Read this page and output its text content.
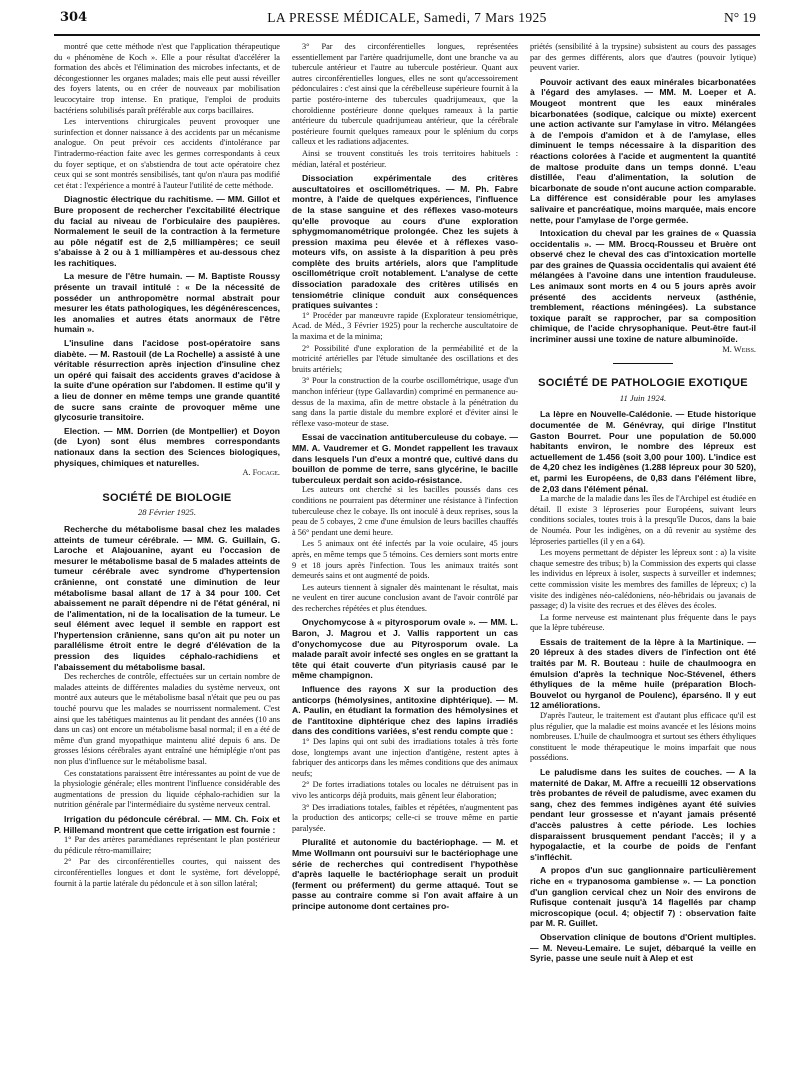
304	LA PRESSE MÉDICALE, Samedi, 7 Mars 1925	N° 19

montré que cette méthode n'est que l'application thérapeutique du « phénomène de Koch ». Elle a pour résultat d'accélérer la formation des abcès et l'élimination des microbes infectants, et de décongestionner les organes malades; mais elle peut aussi réveiller des foyers latents, ou en créer de nouveaux par mobilisation leucocytaire trop intense. En pratique, l'emploi de produits bactériens solubilisés paraît préférable aux corps bacillaires.

Les interventions chirurgicales peuvent provoquer une surinfection et donner naissance à des accidents par un mécanisme analogue. On peut prévoir ces accidents d'intolérance par l'intradermo-réaction faite avec les germes correspondants à ceux du foyer septique, et on s'abstiendra de tout acte opératoire chez ceux qui se sont montrés sensibilisés, tant qu'on n'aura pas modifié cet état : l'expérience a montré à l'auteur l'utilité de cette méthode.

Diagnostic électrique du rachitisme. — MM. Gillot et Bure proposent de rechercher l'excitabilité électrique du facial au niveau de l'orbiculaire des paupières. Normalement le seuil de la contraction à la fermeture au pôle négatif est de 2,5 milliampères; ce seuil s'abaisse à 2 ou à 1 milliampères et au-dessous chez les rachitiques.
La mesure de l'être humain. — M. Baptiste Roussy présente un travail intitulé : « De la nécessité de posséder un anthropomètre normal abstrait pour mesurer les états pathologiques, les dégénérescences, les anomalies et autres états anormaux de l'être humain ».
L'insuline dans l'acidose post-opératoire sans diabète. — M. Rastouil (de La Rochelle) a assisté à une véritable résurrection après injection d'insuline chez un opéré qui faisait des accidents graves d'acidose à la suite d'une opération sur l'abdomen. Il estime qu'il y a lieu de donner en même temps une grande quantité de sucre sans crainte de provoquer même une glycosurie transitoire.
Election. — MM. Dorrien (de Montpellier) et Doyon (de Lyon) sont élus membres correspondants nationaux dans la section des Sciences biologiques, physiques, chimiques et naturelles.

A. Focage.

SOCIÉTÉ DE BIOLOGIE
28 Février 1925.
Recherche du métabolisme basal chez les malades atteints de tumeur cérébrale. — MM. G. Guillain, G. Laroche et Alajouanine, ayant eu l'occasion de mesurer le métabolisme basal de 5 malades atteints de tumeur cérébrale avec syndrome d'hypertension crânienne, ont constaté une diminution de leur métabolisme basal allant de 17 à 34 pour 100. Cet abaissement ne paraît dépendre ni de l'état général, ni de l'alimentation, ni de la localisation de la tumeur. Le seul élément avec lequel il semble en rapport est l'hypertension crânienne, sans qu'on ait pu noter un parallélisme étroit entre le degré d'élévation de la pression des liquides céphalo-rachidiens et l'abaissement du métabolisme basal.

Des recherches de contrôle, effectuées sur un certain nombre de malades atteints de différentes maladies du système nerveux, ont montré aux auteurs que le métabolisme basal n'était que peu ou pas touché pourvu que les malades se nourrissent normalement. C'est ainsi que les tabétiques maintenus au lit pendant des années (10 ans dans un cas) ont encore un métabolisme basal normal; il en a été de même d'un grand myopathique maintenu alité depuis 6 ans. De grosses lésions cérébrales ayant entraîné une hémiplégie n'ont pas non plus d'influence sur le métabolisme basal.

Ces constatations paraissent être intéressantes au point de vue de la physiologie générale; elles montrent l'influence considérable des augmentations de pression du liquide céphalo-rachidien sur la nutrition générale par l'intermédiaire du système nerveux central.

Irrigation du pédoncule cérébral. — MM. Ch. Foix et P. Hillemand montrent que cette irrigation est fournie :

1° Par des artères paramédianes représentant le plan postérieur du pédicule rétro-mamillaire;

2° Par des circonférentielles courtes, qui naissent des circonférentielles longues et dont le système, fort développé, fournit à la partie latérale du pédoncule et à son sillon latéral;

3° Par des circonférentielles longues, représentées essentiellement par l'artère quadrijumelle, dont une branche va au tubercule antérieur et l'autre au tubercule postérieur. Quant aux autres circonférentielles longues, elles ne sont qu'accessoirement pédonculaires : c'est ainsi que la cérébelleuse supérieure fournit à la partie postéro-interne des tubercules quadrijumeaux, que la choroïdienne postérieure donne quelques rameaux à la partie antérieure du tubercule quadrijumeau antérieur, que la cérébrale postérieure fournit quelques rameaux pour le splénium du corps calleux et les radiations adjacentes.

Ainsi se trouvent constitués les trois territoires habituels : médian, latéral et postérieur.

Dissociation expérimentale des critères auscultatoires et oscillométriques. — M. Ph. Fabre montre, à l'aide de quelques expériences, l'influence de la stase sanguine et des réflexes vaso-moteurs qu'elle provoque au cours d'une exploration sphygmomanométrique prolongée. Chez les sujets à pression maxima peu élevée et à réflexes vaso-moteurs vifs, on assiste à la disparition à peu près complète des bruits artériels, alors que l'amplitude oscillométrique croît notablement. L'analyse de cette dissociation paradoxale des critères utilisés en tensiométrie clinique conduit aux conséquences pratiques suivantes :

1° Procéder par manœuvre rapide (Explorateur tensiométrique, Acad. de Méd., 3 Février 1925) pour la recherche auscultatoire de la maxima et de la minima;

2° Possibilité d'une exploration de la perméabilité et de la motricité artérielles par l'étude simultanée des oscillations et des bruits artériels;

3° Pour la construction de la courbe oscillométrique, usage d'un manchon inférieur (type Gallavardin) comprimé en permanence au-dessus de la maxima, afin de mettre obstacle à la pénétration du sang dans la partie distale du membre exploré et d'éviter ainsi le réflexe vaso-moteur de stase.

Essai de vaccination antituberculeuse du cobaye. — MM. A. Vaudremer et G. Mondet rappellent les travaux dans lesquels l'un d'eux a montré que, cultivé dans du bouillon de pomme de terre, sans glycérine, le bacille tuberculeux perdait son acido-résistance.

Les auteurs ont cherché si les bacilles poussés dans ces conditions ne pourraient pas déterminer une résistance à l'infection tuberculeuse chez le cobaye. Ils ont inoculé à deux reprises, sous la peau de 5 cobayes, 2 cme d'une émulsion de leurs bacilles chauffés à 56° pendant une demi heure.

Les 5 animaux ont été infectés par la voie oculaire, 45 jours après, en même temps que 5 témoins. Ces derniers sont morts entre 9 et 18 jours après l'infection. Tous les animaux traités sont demeurés sains et ont augmenté de poids.

Les auteurs tiennent à signaler dès maintenant le résultat, mais ne veulent en tirer aucune conclusion avant de l'avoir contrôlé par des recherches répétées et plus étendues.

Onychomycose à « pityrosporum ovale ». — MM. L. Baron, J. Magrou et J. Vallis rapportent un cas d'onychomycose due au Pityrosporum ovale. La malade paraît avoir infecté ses ongles en se grattant la tête qui était couverte d'un pityriasis causé par le même champignon.
Influence des rayons X sur la production des anticorps (hémolysines, antitoxine diphtérique). — M. A. Paulin, en étudiant la formation des hémolysines et de l'antitoxine diphtérique chez des lapins irradiés dans des conditions variées, s'est rendu compte que :

1° Des lapins qui ont subi des irradiations totales à très forte dose, longtemps avant une injection d'antigène, restent aptes à fabriquer des anticorps dans les mêmes conditions que des animaux neufs;

2° De fortes irradiations totales ou locales ne détruisent pas in vivo les anticorps déjà produits, mais gênent leur élaboration;

3° Des irradiations totales, faibles et répétées, n'augmentent pas la production des anticorps; celle-ci se trouve même en partie paralysée.

Pluralité et autonomie du bactériophage. — M. et Mme Wollmann ont poursuivi sur le bactériophage une série de recherches qui contredisent l'hypothèse d'après laquelle le bactériophage serait un produit (ferment ou préferment) du germe attaqué. Tout se passe au contraire comme si l'on avait affaire à un principe autonome dont certaines pro-

priétés (sensibilité à la trypsine) subsistent au cours des passages par des germes différents, alors que d'autres (pouvoir lytique) peuvent varier.

Pouvoir activant des eaux minérales bicarbonatées à l'égard des amylases. — MM. M. Loeper et A. Mougeot montrent que les eaux minérales bicarbonatées (sodique, calcique ou mixte) exercent une action activante sur l'amylase in vitro. Mélangées à de l'empois d'amidon et à de l'amylase, elles diminuent le temps nécessaire à la disparition des réactions colorées à l'acide et augmentent la quantité de maltose produite dans un temps donné. L'eau distillée, l'eau d'alimentation, la solution de bicarbonate de soude n'ont aucune action comparable. La différence est considérable pour les amylases salivaire et pancréatique, moins marquée, mais encore nette, pour l'amylase de l'orge germée.
Intoxication du cheval par les graines de « Quassia occidentalis ». — MM. Brocq-Rousseu et Bruère ont observé chez le cheval des cas d'intoxication mortelle par des graines de Quassia occidentalis qui avaient été mélangées à l'avoine dans une intention frauduleuse. Les animaux sont morts en 4 ou 5 jours après avoir présenté des accidents nerveux (asthénie, tremblement, réactions méningées). La substance toxique paraît se rapprocher, par sa composition chimique, de l'acide chrysophanique. Peut-être faut-il incriminer aussi une toxine de nature albuminoïde.

M. Weiss.

SOCIÉTÉ DE PATHOLOGIE EXOTIQUE
11 Juin 1924.
La lèpre en Nouvelle-Calédonie. — Etude historique documentée de M. Génévray, qui dirige l'Institut Gaston Bourret. Pour une population de 50.000 habitants environ, le nombre des lépreux est actuellement de 1.456 (soit 3,00 pour 100). L'indice est de 4,20 chez les indigènes (1.288 lépreux pour 30 520), et, parmi les Européens, de 0,83 dans l'élément libre, de 2,03 dans l'élément pénal.

La marche de la maladie dans les îles de l'Archipel est étudiée en détail. Il existe 3 léproseries pour Européens, suivant leurs conditions sociales, toutes trois à la presqu'île Ducos, dans la baie de Nouméa. Pour les indigènes, on a dû revenir au système des léproseries partielles (il y en a 64).

Les moyens permettant de dépister les lépreux sont : a) la visite chaque semestre des tribus; b) la Commission des experts qui classe les individus en lépreux à isoler, suspects à surveiller et indemnes; cette commission visite les membres des familles de lépreux; c) la visite des indigènes néo-calédoniens, néo-hébridais ou javanais de passage; d) la visite des recrues et des élèves des écoles.

La forme nerveuse est maintenant plus fréquente dans le pays que la lèpre tubéreuse.

Essais de traitement de la lèpre à la Martinique. — 20 lépreux à des stades divers de l'infection ont été traités par M. R. Bouteau : huile de chaulmoogra en émulsion d'après la technique Noc-Stévenel, éthers éthyliques de la même huile (préparation Bloch-Bouvelot ou hyrganol de Poulenc), éparséno. Il y eut 12 améliorations.

D'après l'auteur, le traitement est d'autant plus efficace qu'il est plus régulier, que la maladie est moins avancée et les lésions moins nombreuses. L'huile de chaulmoogra et surtout ses éthers éthyliques constituent le mode thérapeutique le moins imparfait que nous possédions.

Le paludisme dans les suites de couches. — A la maternité de Dakar, M. Affre a recueilli 12 observations très probantes de réveil de paludisme, avec examen du sang, chez des femmes indigènes ayant été suivies pendant leur grossesse et n'ayant jamais présenté d'accès palustres à cette période. Les lochies disparaissent brusquement pendant l'accès; il y a hypogalactie, et la courbe de poids de l'enfant s'infléchit.
A propos d'un suc ganglionnaire particulièrement riche en « trypanosoma gambiense ». — La ponction d'un ganglion cervical chez un Noir des environs de Rufisque contenait jusqu'à 14 flagellés par champ microscopique (ocul. 4; objectif 7) : observation faite par M. R. Guillet.
Observation clinique de boutons d'Orient multiples. — M. Neveu-Lemaire. Le sujet, débarqué la veille en Syrie, passe une seule nuit à Alep et est
